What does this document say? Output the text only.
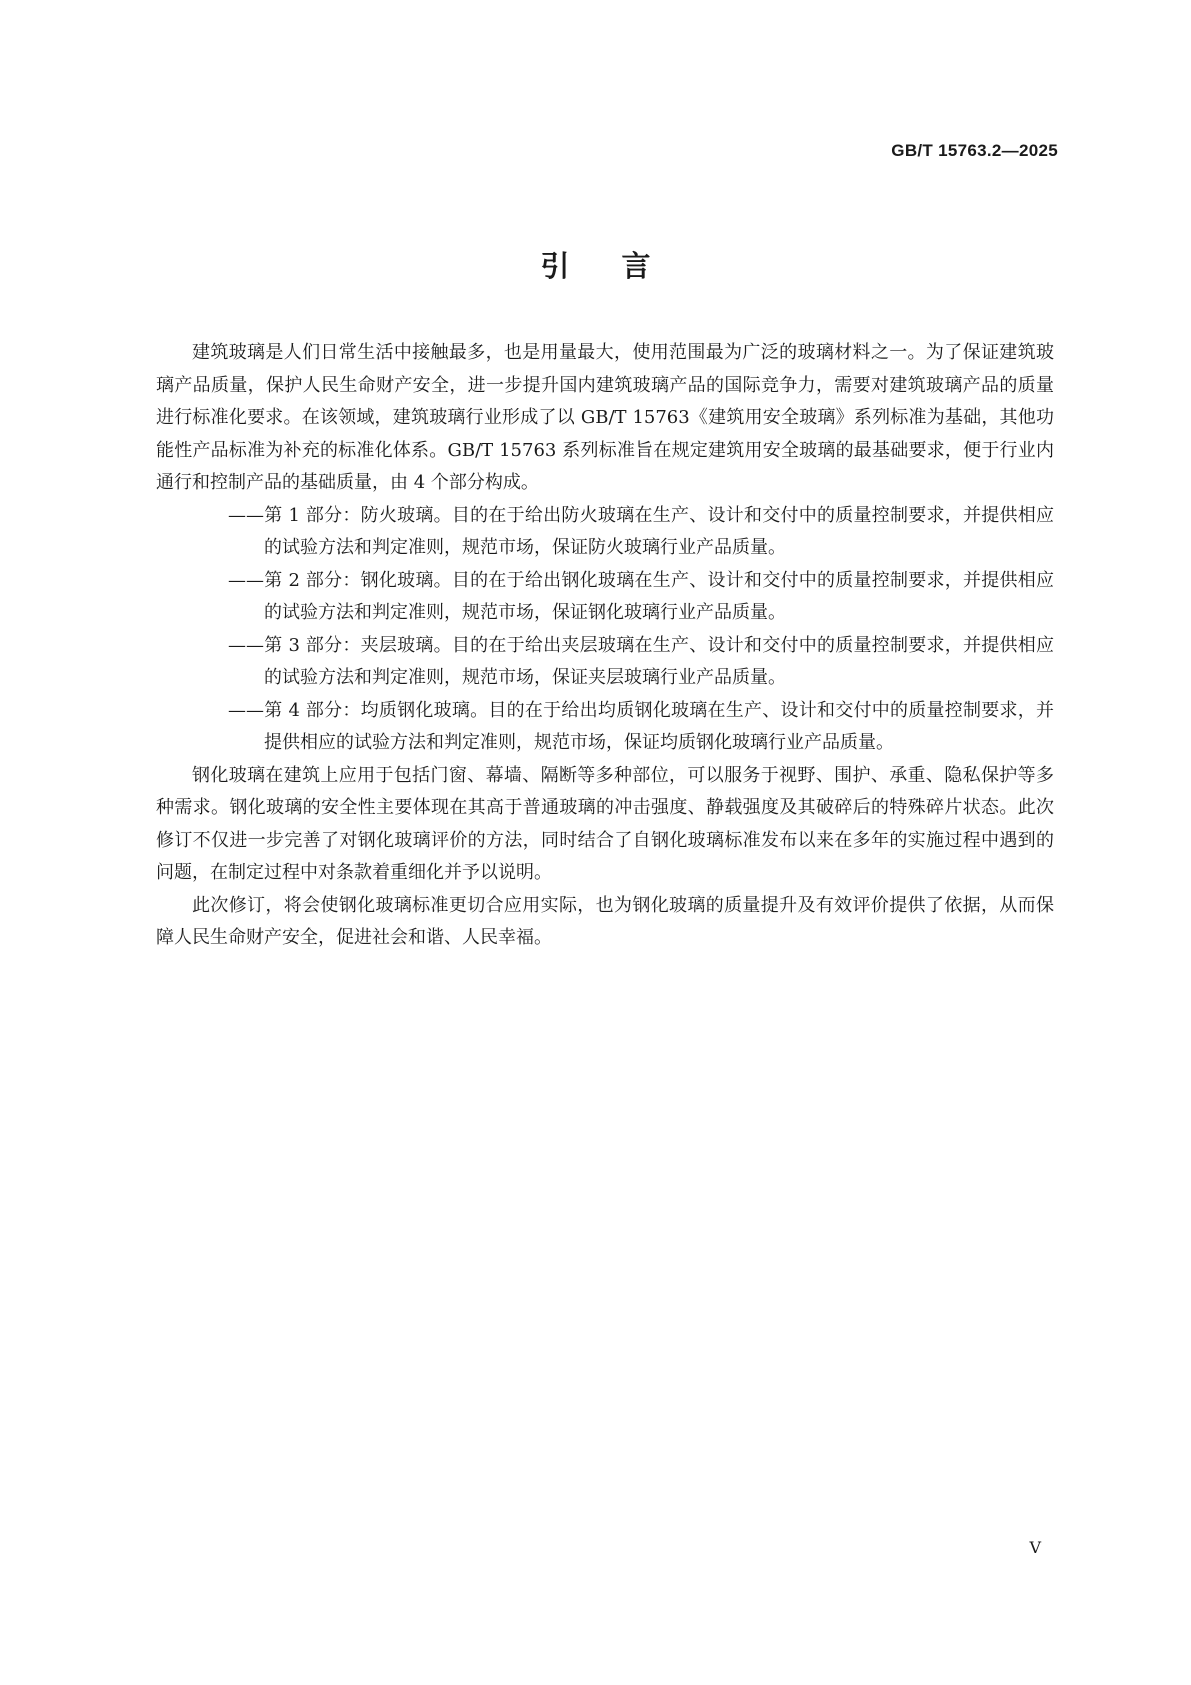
GB/T 15763.2—2025
引言

建筑玻璃是人们日常生活中接触最多，也是用量最大，使用范围最为广泛的玻璃材料之一。为了保证建筑玻璃产品质量，保护人民生命财产安全，进一步提升国内建筑玻璃产品的国际竞争力，需要对建筑玻璃产品的质量进行标准化要求。在该领域，建筑玻璃行业形成了以 GB/T 15763《建筑用安全玻璃》系列标准为基础，其他功能性产品标准为补充的标准化体系。GB/T 15763 系列标准旨在规定建筑用安全玻璃的最基础要求，便于行业内通行和控制产品的基础质量，由 4 个部分构成。

——第 1 部分：防火玻璃。目的在于给出防火玻璃在生产、设计和交付中的质量控制要求，并提供相应的试验方法和判定准则，规范市场，保证防火玻璃行业产品质量。

——第 2 部分：钢化玻璃。目的在于给出钢化玻璃在生产、设计和交付中的质量控制要求，并提供相应的试验方法和判定准则，规范市场，保证钢化玻璃行业产品质量。

——第 3 部分：夹层玻璃。目的在于给出夹层玻璃在生产、设计和交付中的质量控制要求，并提供相应的试验方法和判定准则，规范市场，保证夹层玻璃行业产品质量。

——第 4 部分：均质钢化玻璃。目的在于给出均质钢化玻璃在生产、设计和交付中的质量控制要求，并提供相应的试验方法和判定准则，规范市场，保证均质钢化玻璃行业产品质量。

钢化玻璃在建筑上应用于包括门窗、幕墙、隔断等多种部位，可以服务于视野、围护、承重、隐私保护等多种需求。钢化玻璃的安全性主要体现在其高于普通玻璃的冲击强度、静载强度及其破碎后的特殊碎片状态。此次修订不仅进一步完善了对钢化玻璃评价的方法，同时结合了自钢化玻璃标准发布以来在多年的实施过程中遇到的问题，在制定过程中对条款着重细化并予以说明。

此次修订，将会使钢化玻璃标准更切合应用实际，也为钢化玻璃的质量提升及有效评价提供了依据，从而保障人民生命财产安全，促进社会和谐、人民幸福。

V
